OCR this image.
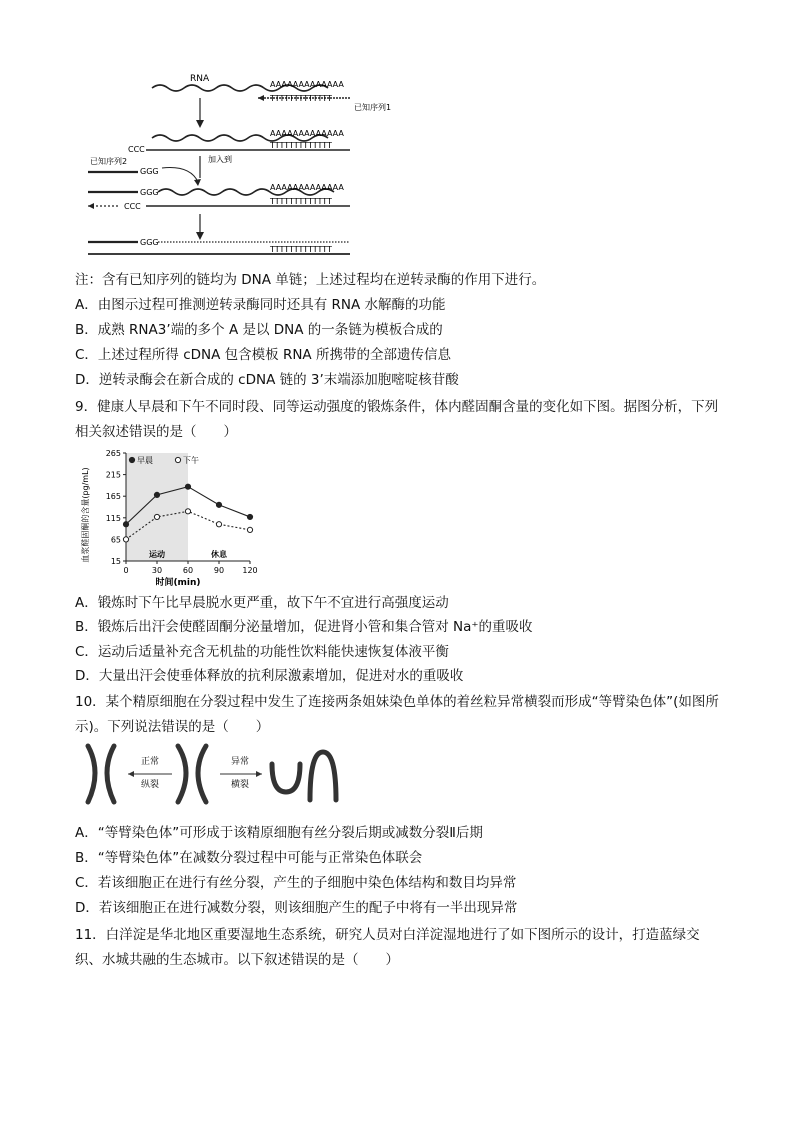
RNA
AAAAAAAAAAAAA
TTTTTTTTTTTTT
已知序列1
AAAAAAAAAAAAA
CCC	TTTTTTTTTTTTT
已知序列2
GGG
加入到
GGG
AAAAAAAAAAAAA
CCC
TTTTTTTTTTTTT
GGG
TTTTTTTTTTTTT
注：含有已知序列的链均为 DNA 单链；上述过程均在逆转录酶的作用下进行。
A．由图示过程可推测逆转录酶同时还具有 RNA 水解酶的功能
B．成熟 RNA3’端的多个 A 是以 DNA 的一条链为模板合成的
C．上述过程所得 cDNA 包含模板 RNA 所携带的全部遗传信息
D．逆转录酶会在新合成的 cDNA 链的 3’末端添加胞嘧啶核苷酸
9．健康人早晨和下午不同时段、同等运动强度的锻炼条件，体内醛固酮含量的变化如下图。据图分析，下列相关叙述错误的是（　　）
血浆醛固酮的含量(pg/mL)	15
65
115
165
215
265
0	30	60	90 120
运动	休息
早晨	下午
时间(min)
A．锻炼时下午比早晨脱水更严重，故下午不宜进行高强度运动
B．锻炼后出汗会使醛固酮分泌量增加，促进肾小管和集合管对 Na⁺的重吸收
C．运动后适量补充含无机盐的功能性饮料能快速恢复体液平衡
D．大量出汗会使垂体释放的抗利尿激素增加，促进对水的重吸收
10．某个精原细胞在分裂过程中发生了连接两条姐妹染色单体的着丝粒异常横裂而形成“等臂染色体”(如图所示)。下列说法错误的是（　　）
正常
纵裂
异常
横裂
A．“等臂染色体”可形成于该精原细胞有丝分裂后期或减数分裂Ⅱ后期
B．“等臂染色体”在减数分裂过程中可能与正常染色体联会
C．若该细胞正在进行有丝分裂，产生的子细胞中染色体结构和数目均异常
D．若该细胞正在进行减数分裂，则该细胞产生的配子中将有一半出现异常
11．白洋淀是华北地区重要湿地生态系统，研究人员对白洋淀湿地进行了如下图所示的设计，打造蓝绿交织、水城共融的生态城市。以下叙述错误的是（　　）
